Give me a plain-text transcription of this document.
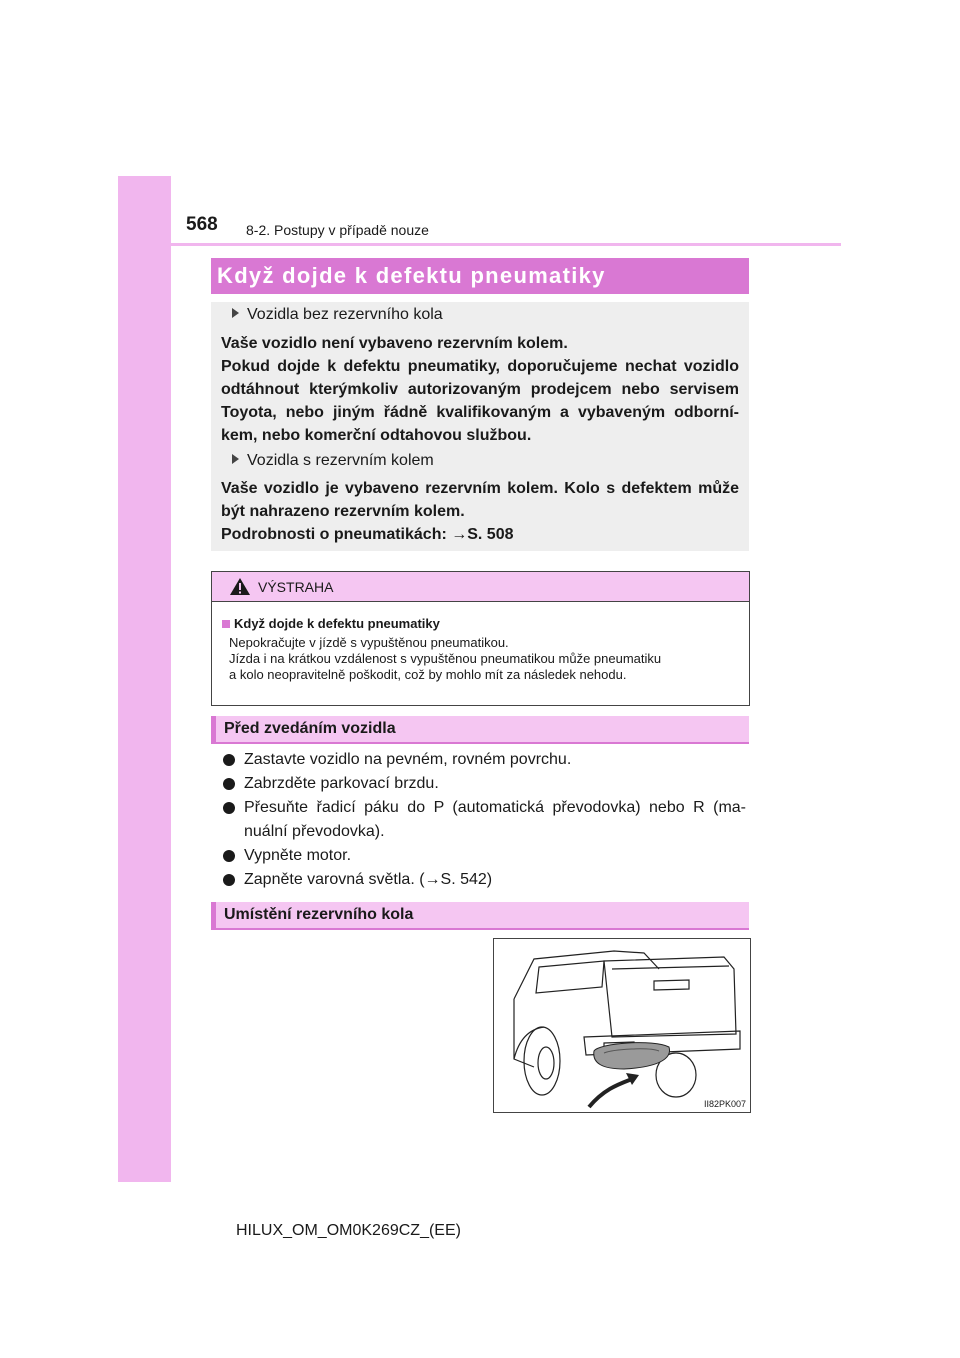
568 8-2. Postupy v případě nouze
Když dojde k defektu pneumatiky
Vozidla bez rezervního kola
Vaše vozidlo není vybaveno rezervním kolem.
Pokud dojde k defektu pneumatiky, doporučujeme nechat vozidlo
odtáhnout kterýmkoliv autorizovaným prodejcem nebo servisem
Toyota, nebo jiným řádně kvalifikovaným a vybaveným odborní-
kem, nebo komerční odtahovou službou.
Vozidla s rezervním kolem
Vaše vozidlo je vybaveno rezervním kolem. Kolo s defektem může
být nahrazeno rezervním kolem.
Podrobnosti o pneumatikách: →S. 508
VÝSTRAHA
Když dojde k defektu pneumatiky
Nepokračujte v jízdě s vypuštěnou pneumatikou.
Jízda i na krátkou vzdálenost s vypuštěnou pneumatikou může pneumatiku
a kolo neopravitelně poškodit, což by mohlo mít za následek nehodu.
Před zvedáním vozidla
Zastavte vozidlo na pevném, rovném povrchu.
Zabrzděte parkovací brzdu.
Přesuňte řadicí páku do P (automatická převodovka) nebo R (ma-
nuální převodovka).
Vypněte motor.
Zapněte varovná světla. (→S. 542)
Umístění rezervního kola
II82PK007
HILUX_OM_OM0K269CZ_(EE)
